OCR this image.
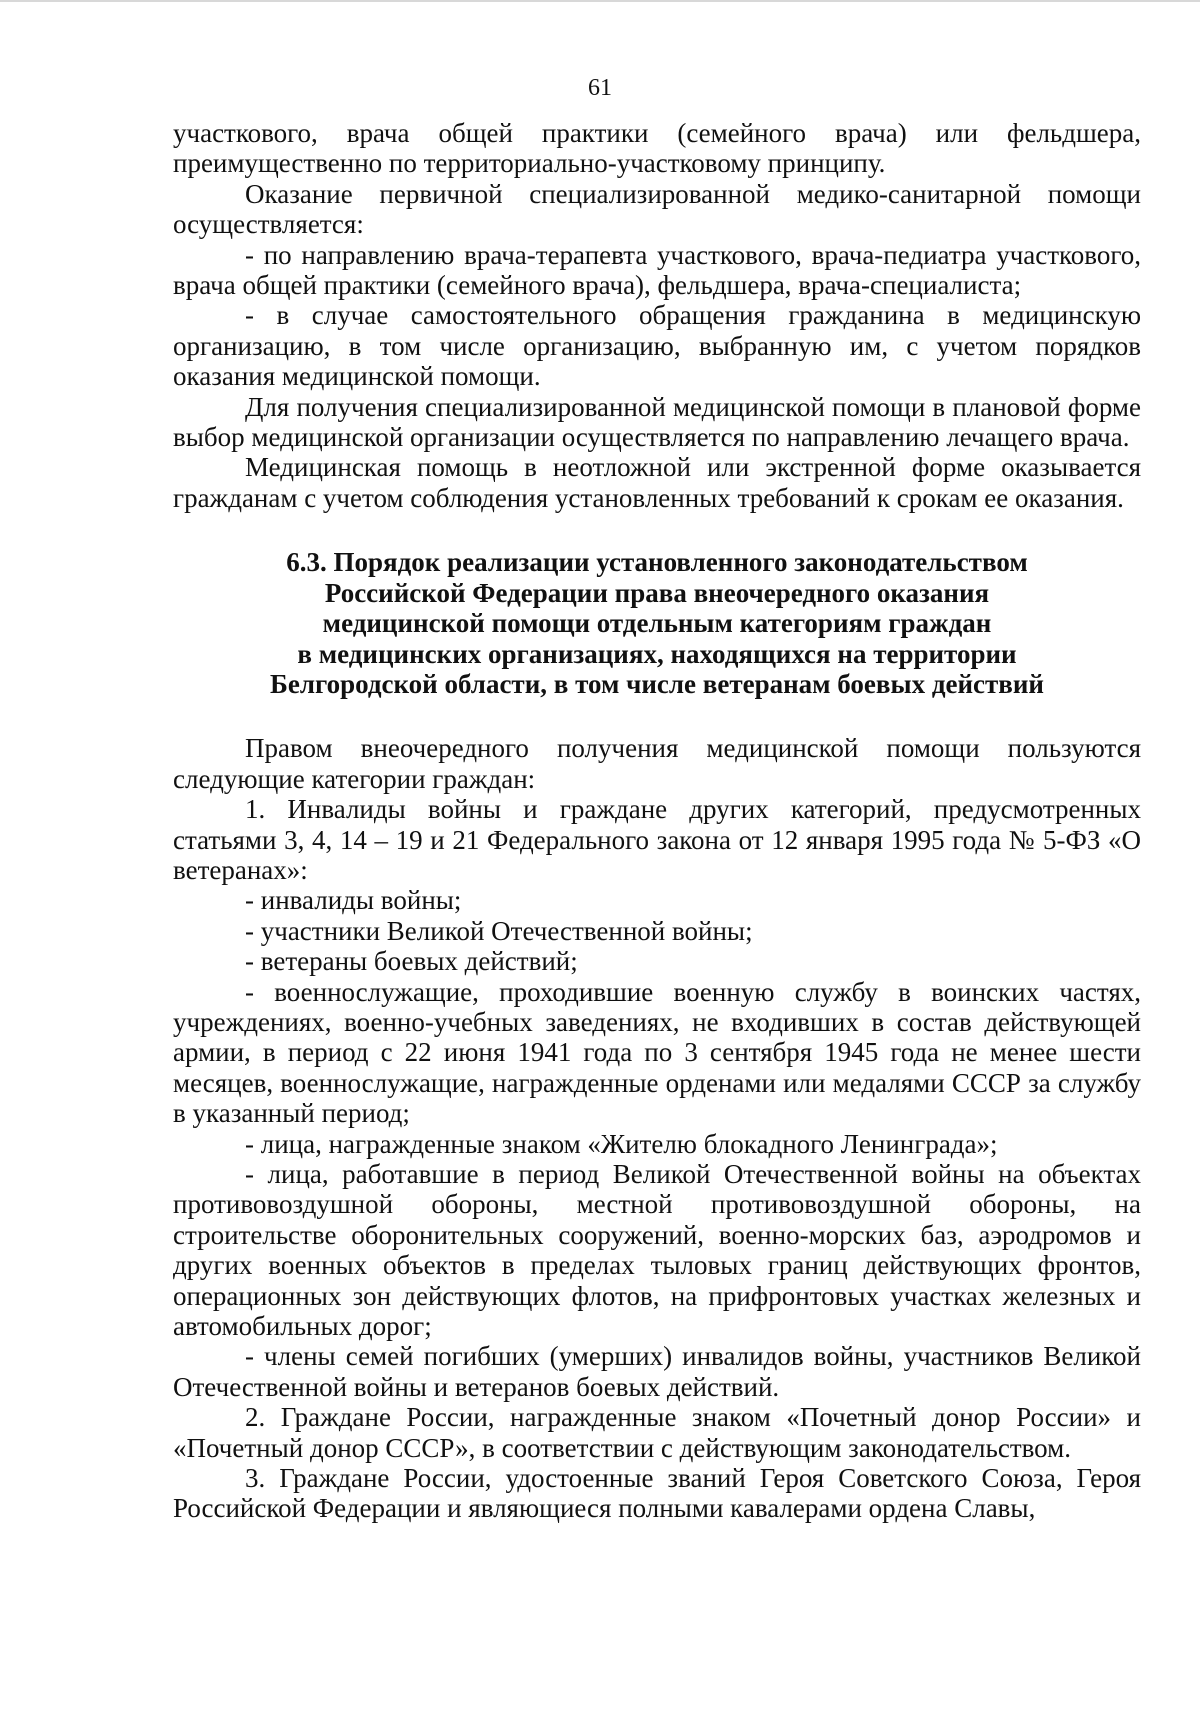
61

участкового, врача общей практики (семейного врача) или фельдшера, преимущественно по территориально-участковому принципу.

Оказание первичной специализированной медико-санитарной помощи осуществляется:

- по направлению врача-терапевта участкового, врача-педиатра участкового, врача общей практики (семейного врача), фельдшера, врача-специалиста;

- в случае самостоятельного обращения гражданина в медицинскую организацию, в том числе организацию, выбранную им, с учетом порядков оказания медицинской помощи.

Для получения специализированной медицинской помощи в плановой форме выбор медицинской организации осуществляется по направлению лечащего врача.

Медицинская помощь в неотложной или экстренной форме оказывается гражданам с учетом соблюдения установленных требований к срокам ее оказания.

6.3. Порядок реализации установленного законодательством
Российской Федерации права внеочередного оказания
медицинской помощи отдельным категориям граждан
в медицинских организациях, находящихся на территории
Белгородской области, в том числе ветеранам боевых действий

Правом внеочередного получения медицинской помощи пользуются следующие категории граждан:

1. Инвалиды войны и граждане других категорий, предусмотренных статьями 3, 4, 14 – 19 и 21 Федерального закона от 12 января 1995 года № 5-ФЗ «О ветеранах»:

- инвалиды войны;

- участники Великой Отечественной войны;

- ветераны боевых действий;

- военнослужащие, проходившие военную службу в воинских частях, учреждениях, военно-учебных заведениях, не входивших в состав действующей армии, в период с 22 июня 1941 года по 3 сентября 1945 года не менее шести месяцев, военнослужащие, награжденные орденами или медалями СССР за службу в указанный период;

- лица, награжденные знаком «Жителю блокадного Ленинграда»;

- лица, работавшие в период Великой Отечественной войны на объектах противовоздушной обороны, местной противовоздушной обороны, на строительстве оборонительных сооружений, военно-морских баз, аэродромов и других военных объектов в пределах тыловых границ действующих фронтов, операционных зон действующих флотов, на прифронтовых участках железных и автомобильных дорог;

- члены семей погибших (умерших) инвалидов войны, участников Великой Отечественной войны и ветеранов боевых действий.

2. Граждане России, награжденные знаком «Почетный донор России» и «Почетный донор СССР», в соответствии с действующим законодательством.

3. Граждане России, удостоенные званий Героя Советского Союза, Героя Российской Федерации и являющиеся полными кавалерами ордена Славы,
